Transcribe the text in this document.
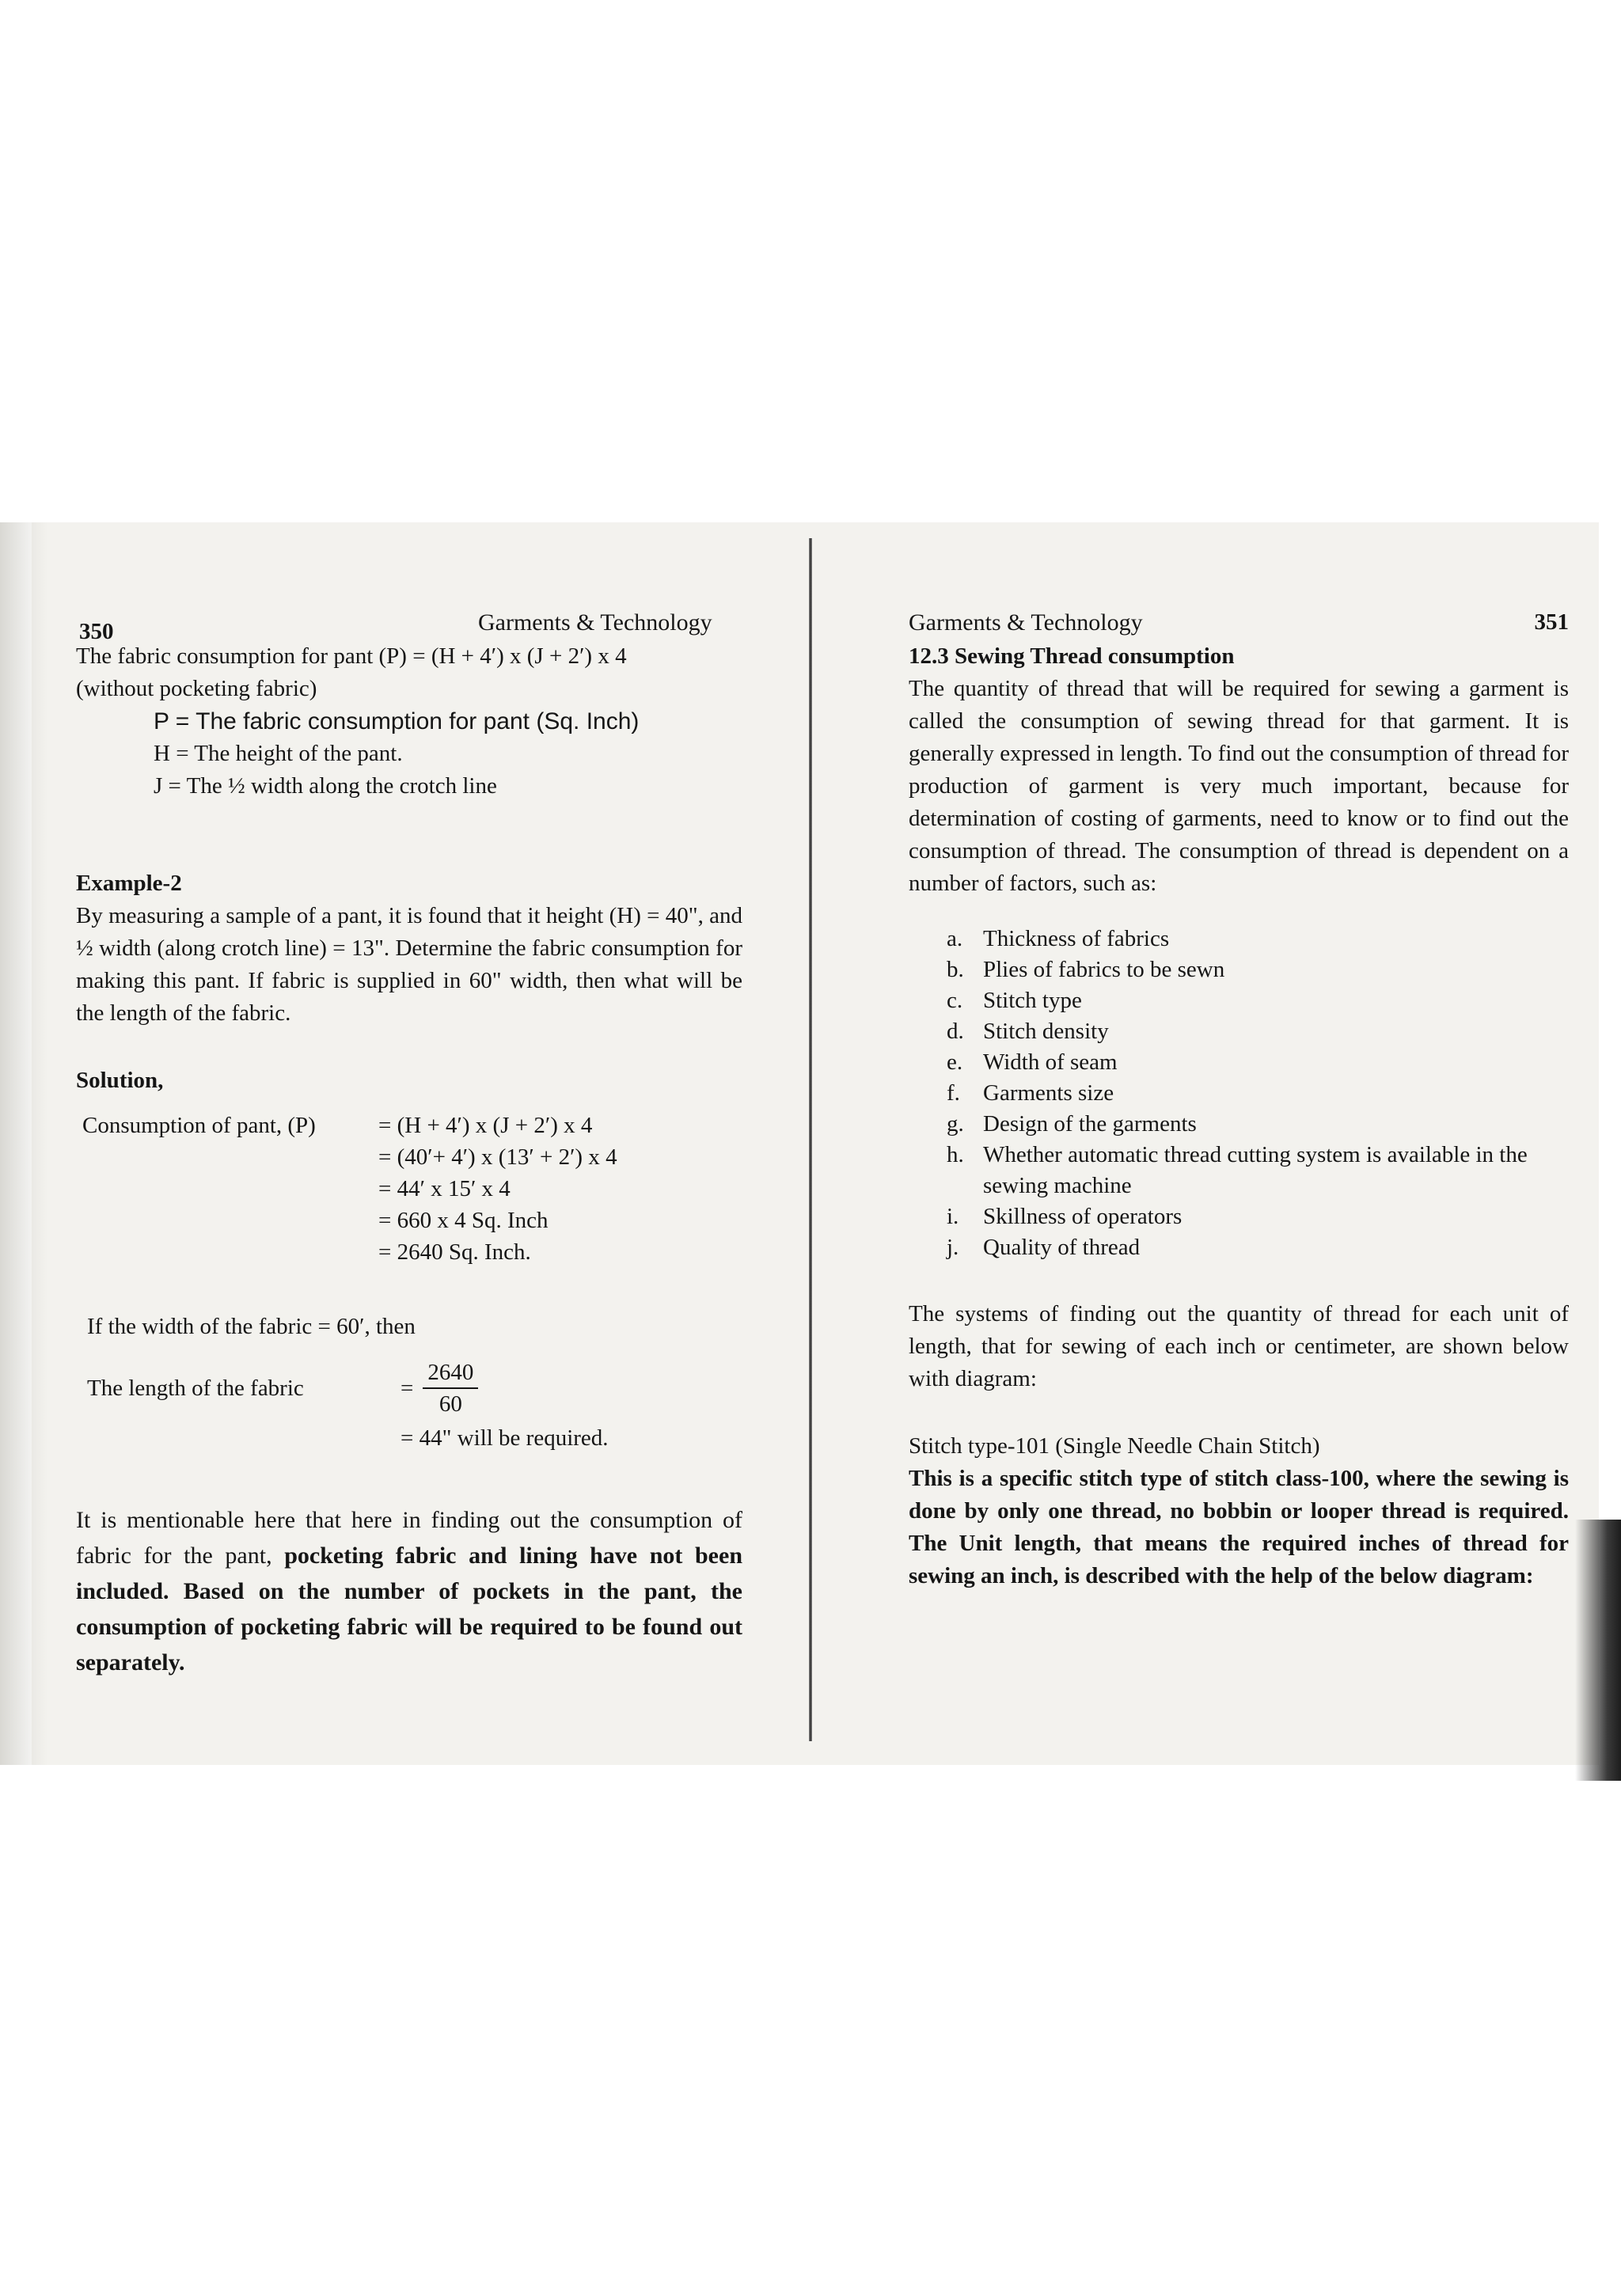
350	Garments & Technology

The fabric consumption for pant (P) = (H + 4′) x (J + 2′) x 4

(without pocketing fabric)

P = The fabric consumption for pant (Sq. Inch)

H = The height of the pant.

J = The ½ width along the crotch line

Example-2

By measuring a sample of a pant, it is found that it height (H) = 40", and ½ width (along crotch line) = 13". Determine the fabric consumption for making this pant. If fabric is supplied in 60" width, then what will be the length of the fabric.

Solution,

Consumption of pant, (P)	= (H + 4′) x (J + 2′) x 4

= (40′+ 4′) x (13′ + 2′) x 4

= 44′ x 15′ x 4

= 660 x 4 Sq. Inch

= 2640 Sq. Inch.

If the width of the fabric = 60′, then

The length of the fabric	= $\frac{2640}{60}$

= 44" will be required.

It is mentionable here that here in finding out the consumption of fabric for the pant, pocketing fabric and lining have not been included. Based on the number of pockets in the pant, the consumption of pocketing fabric will be required to be found out separately.

Garments & Technology	351

12.3 Sewing Thread consumption

The quantity of thread that will be required for sewing a garment is called the consumption of sewing thread for that garment. It is generally expressed in length. To find out the consumption of thread for production of garment is very much important, because for determination of costing of garments, need to know or to find out the consumption of thread. The consumption of thread is dependent on a number of factors, such as:

a. Thickness of fabrics
b. Plies of fabrics to be sewn
c. Stitch type
d. Stitch density
e. Width of seam
f.	Garments size
g. Design of the garments
h. Whether automatic thread cutting system is available in the sewing machine
i.	Skillness of operators
j.	Quality of thread

The systems of finding out the quantity of thread for each unit of length, that for sewing of each inch or centimeter, are shown below with diagram:

Stitch type-101 (Single Needle Chain Stitch)

This is a specific stitch type of stitch class-100, where the sewing is done by only one thread, no bobbin or looper thread is required. The Unit length, that means the required inches of thread for sewing an inch, is described with the help of the below diagram:
